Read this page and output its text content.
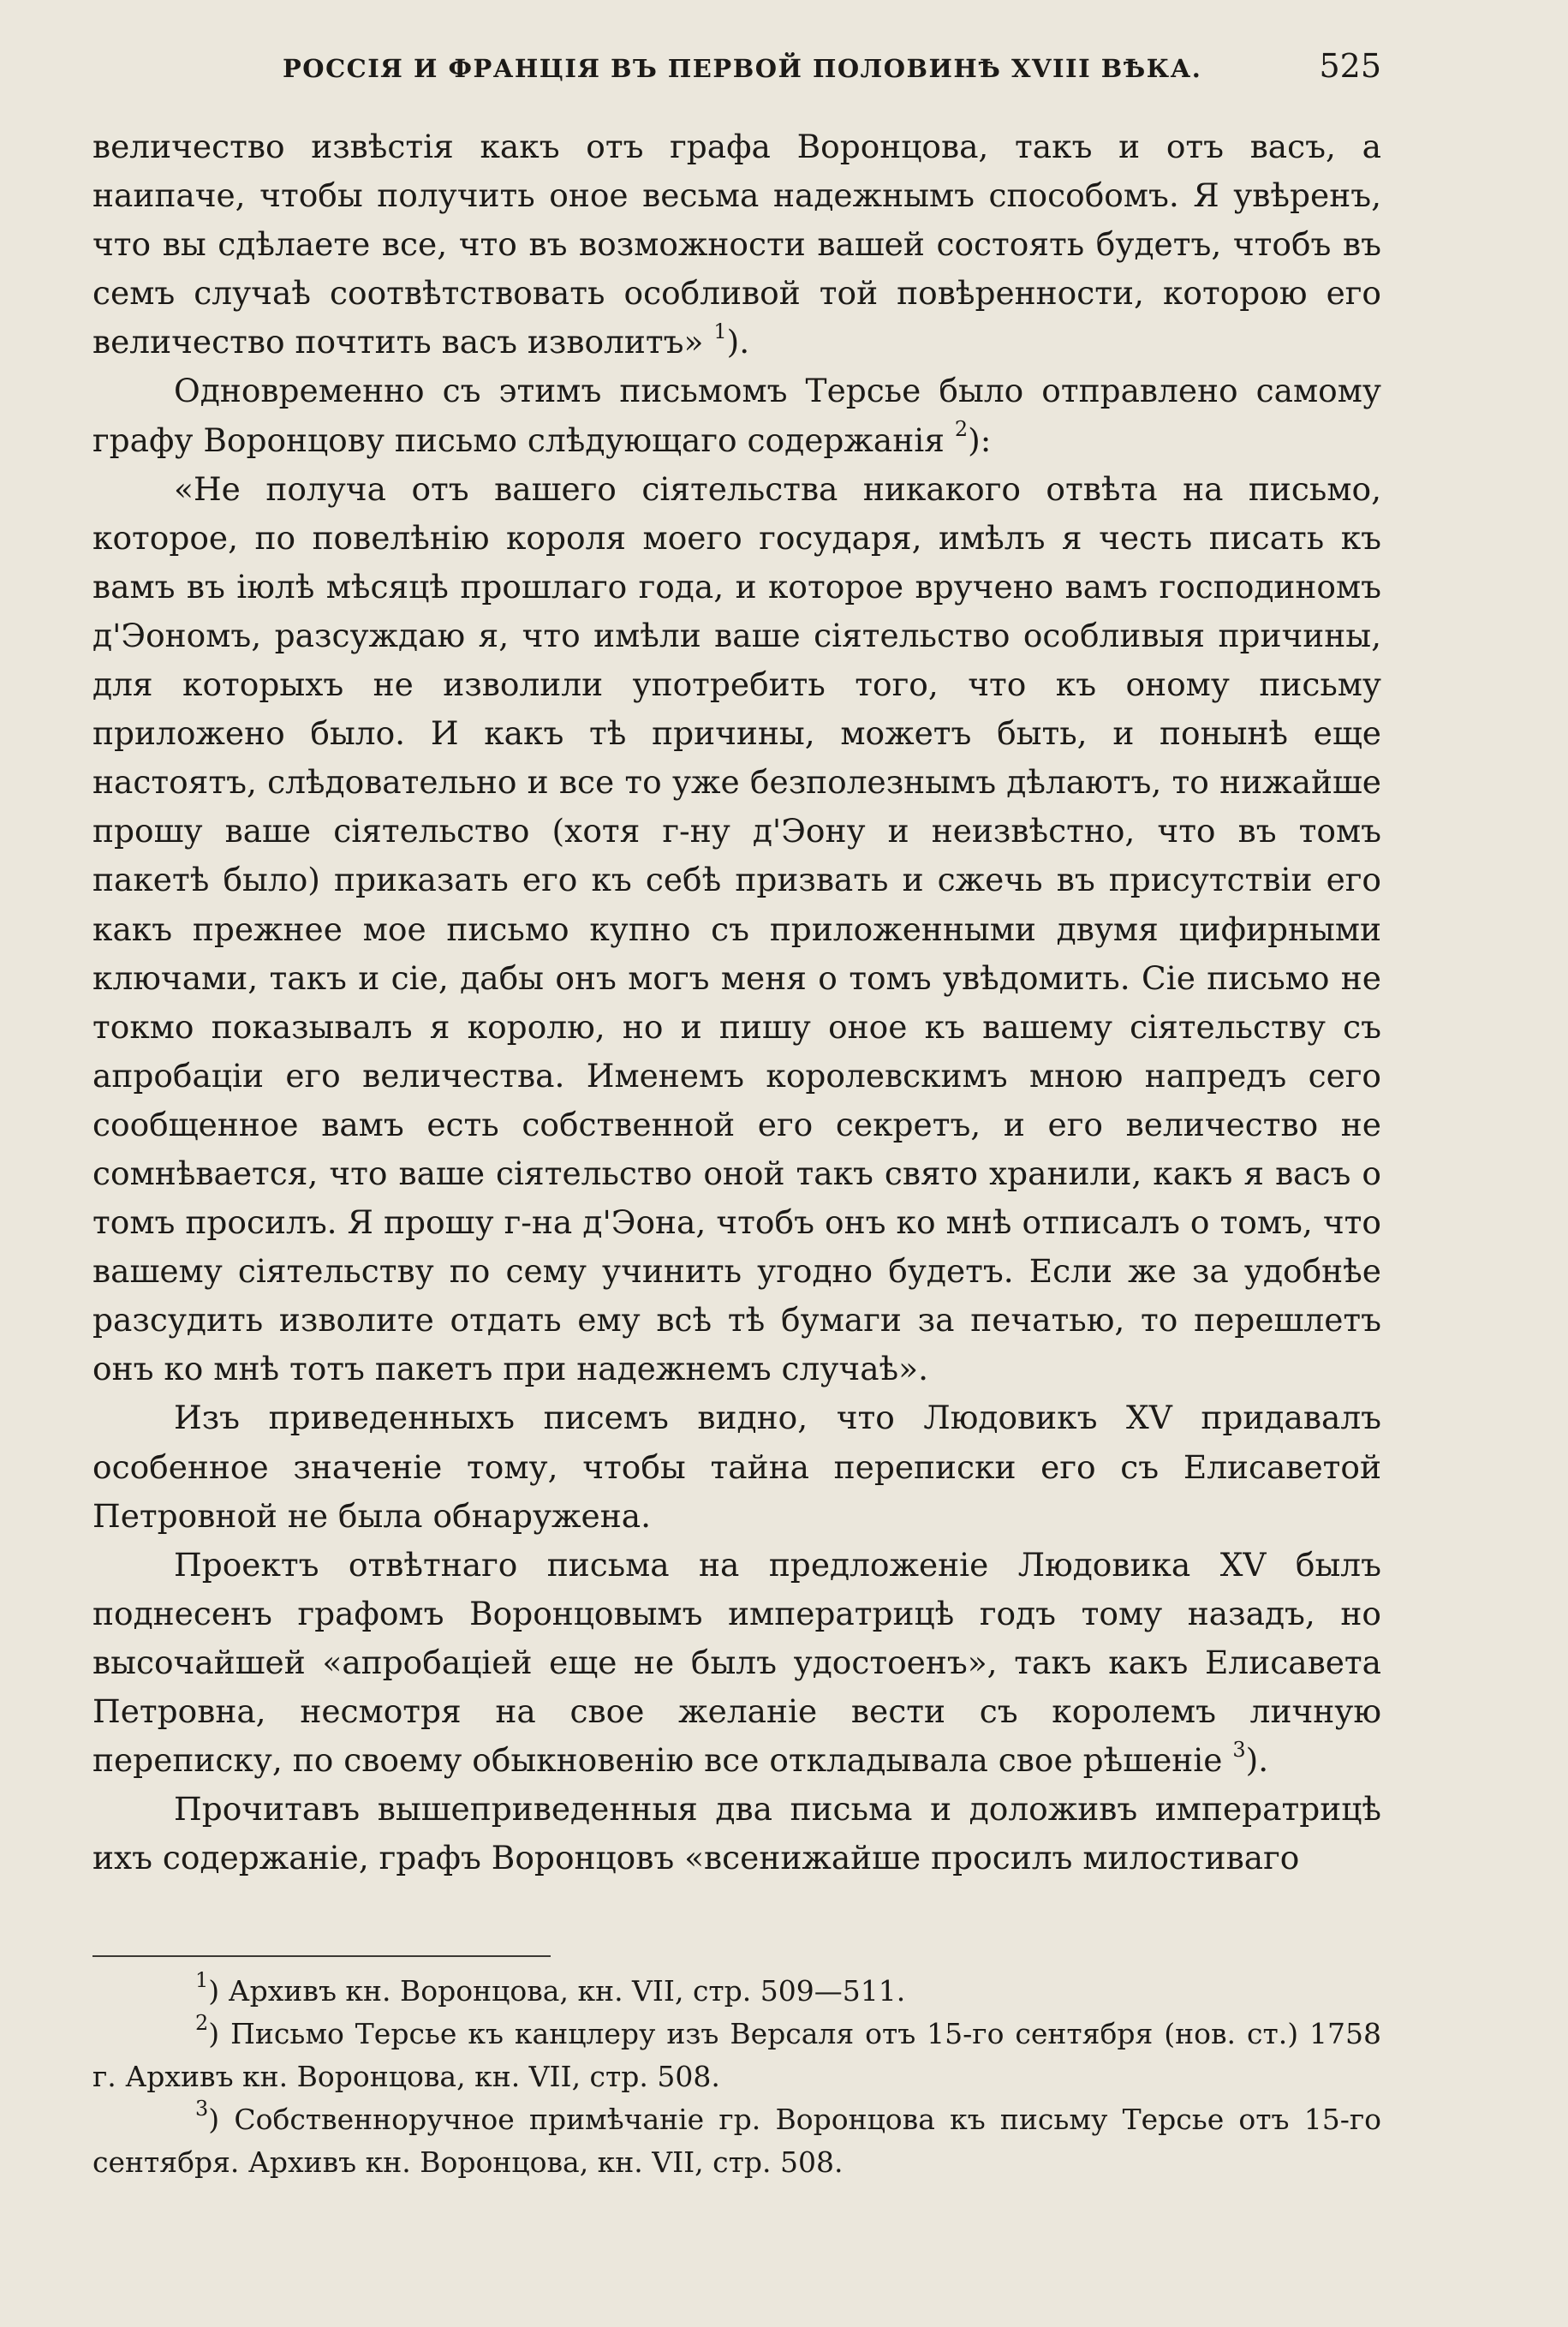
РОССІЯ И ФРАНЦІЯ ВЪ ПЕРВОЙ ПОЛОВИНѢ XVIII ВѢКА.	525

величество извѣстія какъ отъ графа Воронцова, такъ и отъ васъ, а наипаче, чтобы получить оное весьма надежнымъ способомъ. Я увѣренъ, что вы сдѣлаете все, что въ возможности вашей состоять будетъ, чтобъ въ семъ случаѣ соотвѣтствовать особливой той повѣренности, которою его величество почтить васъ изволитъ» $^1$).

Одновременно съ этимъ письмомъ Терсье было отправлено самому графу Воронцову письмо слѣдующаго содержанія $^2$):

«Не получа отъ вашего сіятельства никакого отвѣта на письмо, которое, по повелѣнію короля моего государя, имѣлъ я честь писать къ вамъ въ іюлѣ мѣсяцѣ прошлаго года, и которое вручено вамъ господиномъ д'Эономъ, разсуждаю я, что имѣли ваше сіятельство особливыя причины, для которыхъ не изволили употребить того, что къ оному письму приложено было. И какъ тѣ причины, можетъ быть, и понынѣ еще настоятъ, слѣдовательно и все то уже безполезнымъ дѣлаютъ, то нижайше прошу ваше сіятельство (хотя г-ну д'Эону и неизвѣстно, что въ томъ пакетѣ было) приказать его къ себѣ призвать и сжечь въ присутствіи его какъ прежнее мое письмо купно съ приложенными двумя цифирными ключами, такъ и сіе, дабы онъ могъ меня о томъ увѣдомить. Сіе письмо не токмо показывалъ я королю, но и пишу оное къ вашему сіятельству съ апробаціи его величества. Именемъ королевскимъ мною напредъ сего сообщенное вамъ есть собственной его секретъ, и его величество не сомнѣвается, что ваше сіятельство оной такъ свято хранили, какъ я васъ о томъ просилъ. Я прошу г-на д'Эона, чтобъ онъ ко мнѣ отписалъ о томъ, что вашему сіятельству по сему учинить угодно будетъ. Если же за удобнѣе разсудить изволите отдать ему всѣ тѣ бумаги за печатью, то перешлетъ онъ ко мнѣ тотъ пакетъ при надежнемъ случаѣ».

Изъ приведенныхъ писемъ видно, что Людовикъ XV придавалъ особенное значеніе тому, чтобы тайна переписки его съ Елисаветой Петровной не была обнаружена.

Проектъ отвѣтнаго письма на предложеніе Людовика XV былъ поднесенъ графомъ Воронцовымъ императрицѣ годъ тому назадъ, но высочайшей «апробаціей еще не былъ удостоенъ», такъ какъ Елисавета Петровна, несмотря на свое желаніе вести съ королемъ личную переписку, по своему обыкновенію все откладывала свое рѣшеніе $^3$).

Прочитавъ вышеприведенныя два письма и доложивъ императрицѣ ихъ содержаніе, графъ Воронцовъ «всенижайше просилъ милостиваго

$^1$) Архивъ кн. Воронцова, кн. VII, стр. 509—511.

$^2$) Письмо Терсье къ канцлеру изъ Версаля отъ 15-го сентября (нов. ст.) 1758 г. Архивъ кн. Воронцова, кн. VII, стр. 508.

$^3$) Собственноручное примѣчаніе гр. Воронцова къ письму Терсье отъ 15-го сентября. Архивъ кн. Воронцова, кн. VII, стр. 508.
